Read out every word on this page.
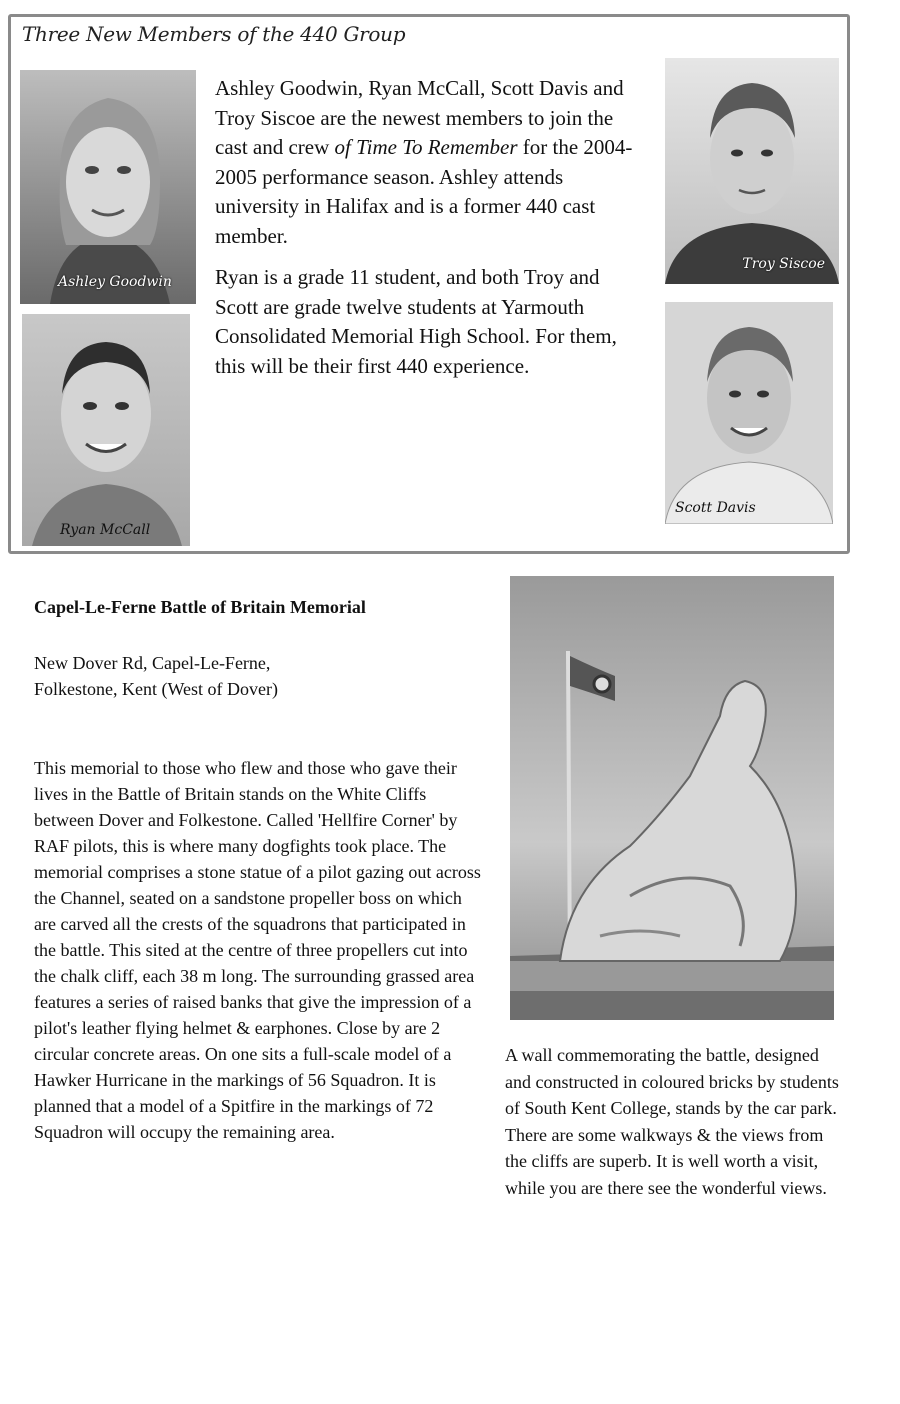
Three New Members of the 440 Group
Ashley Goodwin
Ryan McCall
Troy Siscoe
Scott Davis

Ashley Goodwin, Ryan McCall, Scott Davis and Troy Siscoe are the newest members to join the cast and crew of Time To Remember for the 2004-2005 performance season. Ashley attends university in Halifax and is a former 440 cast member.

Ryan is a grade 11 student, and both Troy and Scott are grade twelve students at Yarmouth Consolidated Memorial High School. For them, this will be their first 440 experience.

Capel-Le-Ferne Battle of Britain Memorial
New Dover Rd, Capel-Le-Ferne,
Folkestone, Kent (West of Dover)
This memorial to those who flew and those who gave their lives in the Battle of Britain stands on the White Cliffs between Dover and Folkestone. Called 'Hellfire Corner' by RAF pilots, this is where many dogfights took place. The memorial comprises a stone statue of a pilot gazing out across the Channel, seated on a sandstone propeller boss on which are carved all the crests of the squadrons that participated in the battle. This sited at the centre of three propellers cut into the chalk cliff, each 38 m long. The surrounding grassed area features a series of raised banks that give the impression of a pilot's leather flying helmet & earphones. Close by are 2 circular concrete areas. On one sits a full-scale model of a Hawker Hurricane in the markings of 56 Squadron. It is planned that a model of a Spitfire in the markings of 72 Squadron will occupy the remaining area.
A wall commemorating the battle, designed and constructed in coloured bricks by students of South Kent College, stands by the car park. There are some walkways & the views from the cliffs are superb. It is well worth a visit, while you are there see the wonderful views.
